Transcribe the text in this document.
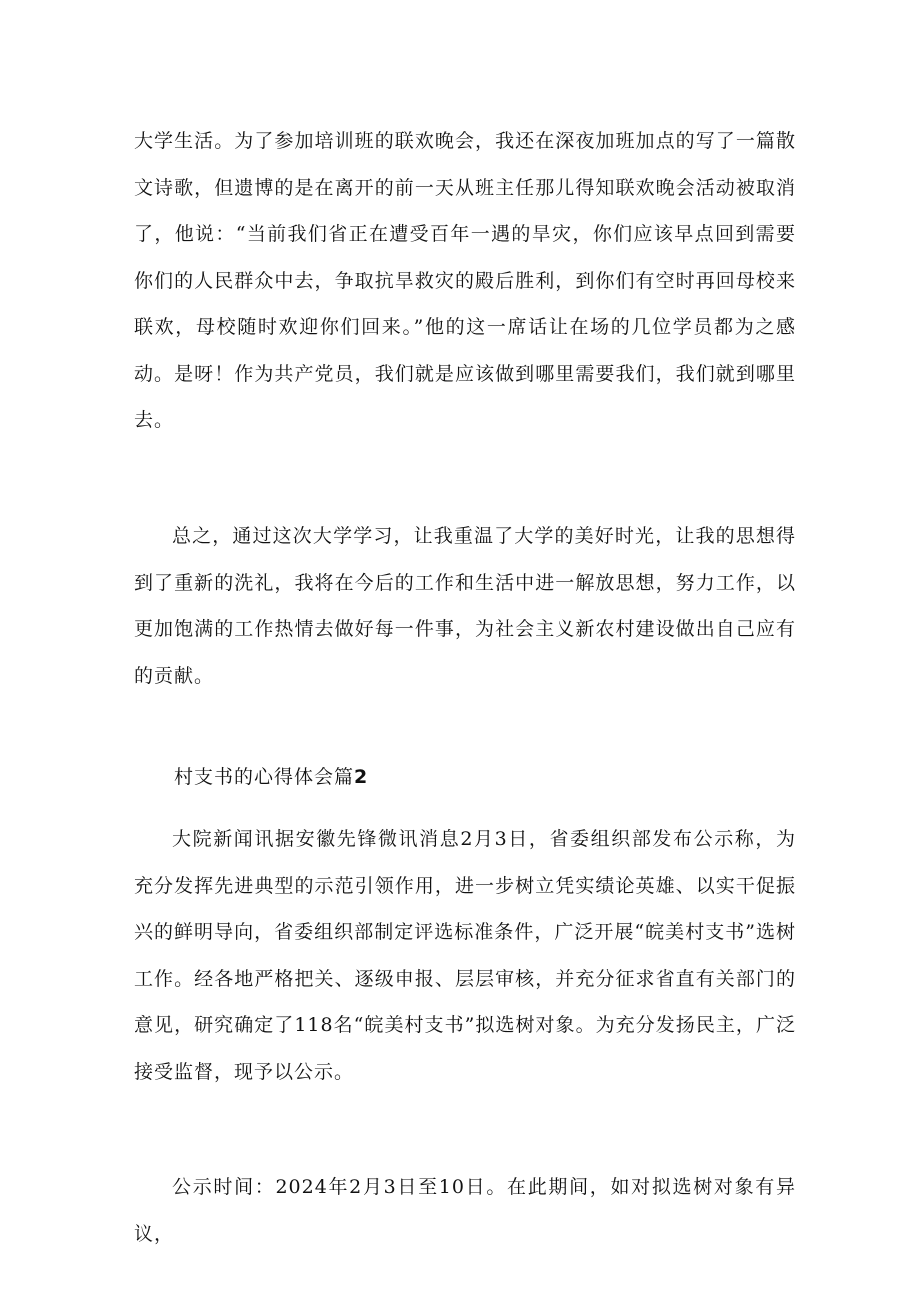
大学生活。为了参加培训班的联欢晚会，我还在深夜加班加点的写了一篇散文诗歌，但遗博的是在离开的前一天从班主任那儿得知联欢晚会活动被取消了，他说：“当前我们省正在遭受百年一遇的旱灾，你们应该早点回到需要你们的人民群众中去，争取抗旱救灾的殿后胜利，到你们有空时再回母校来联欢，母校随时欢迎你们回来。”他的这一席话让在场的几位学员都为之感动。是呀！作为共产党员，我们就是应该做到哪里需要我们，我们就到哪里去。

总之，通过这次大学学习，让我重温了大学的美好时光，让我的思想得到了重新的洗礼，我将在今后的工作和生活中进一解放思想，努力工作，以更加饱满的工作热情去做好每一件事，为社会主义新农村建设做出自己应有的贡献。

村支书的心得体会篇2

大院新闻讯据安徽先锋微讯消息2月3日，省委组织部发布公示称，为充分发挥先进典型的示范引领作用，进一步树立凭实绩论英雄、以实干促振兴的鲜明导向，省委组织部制定评选标准条件，广泛开展“皖美村支书”选树工作。经各地严格把关、逐级申报、层层审核，并充分征求省直有关部门的意见，研究确定了118名“皖美村支书”拟选树对象。为充分发扬民主，广泛接受监督，现予以公示。

公示时间：2024年2月3日至10日。在此期间，如对拟选树对象有异议，
